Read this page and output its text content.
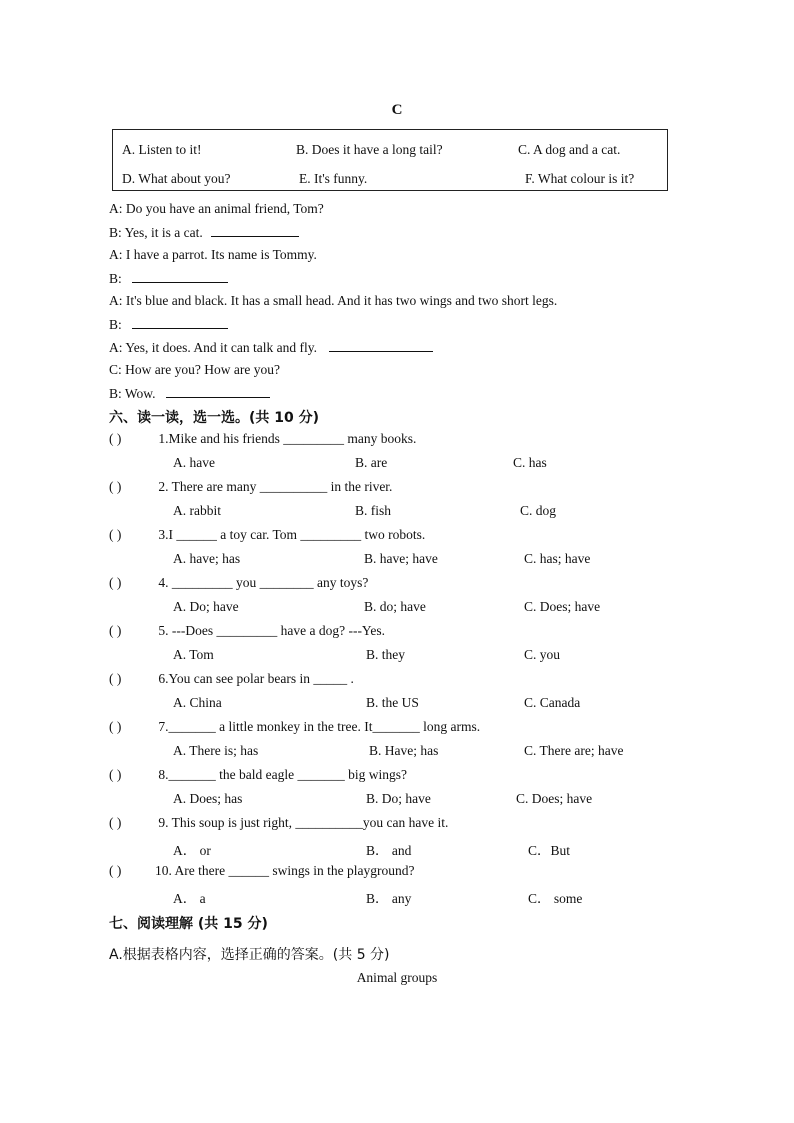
C
A. Listen to it!	B. Does it have a long tail?	C. A dog and a cat.
D. What about you?	E. It's funny.	F. What colour is it?
A: Do you have an animal friend, Tom?
B: Yes, it is a cat.
A: I have a parrot. Its name is Tommy.
B:
A: It's blue and black. It has a small head. And it has two wings and two short legs.
B:
A: Yes, it does. And it can talk and fly.
C: How are you? How are you?
B: Wow.
六、读一读，选一选。(共 10 分)
( ) 1.Mike and his friends _________ many books.
A. have	B. are	C. has
( ) 2. There are many __________ in the river.
A. rabbit	B. fish	C. dog
( ) 3.I ______ a toy car. Tom _________ two robots.
A. have; has	B. have; have	C. has; have
( ) 4. _________ you ________ any toys?
A. Do; have	B. do; have	C. Does; have
( ) 5. ---Does _________ have a dog? ---Yes.
A. Tom	B. they	C. you
( ) 6.You can see polar bears in _____ .
A. China	B. the US	C. Canada
( ) 7._______ a little monkey in the tree. It_______ long arms.
A. There is; has	B. Have; has	C. There are; have
( ) 8._______ the bald eagle _______ big wings?
A. Does; has	B. Do; have	C. Does; have
( ) 9. This soup is just right, __________you can have it.
A． or	B． and	C．But
( ) 10. Are there ______ swings in the playground?
A． a	B． any	C． some
七、阅读理解 (共 15 分)
A.根据表格内容，选择正确的答案。(共 5 分)
Animal groups
